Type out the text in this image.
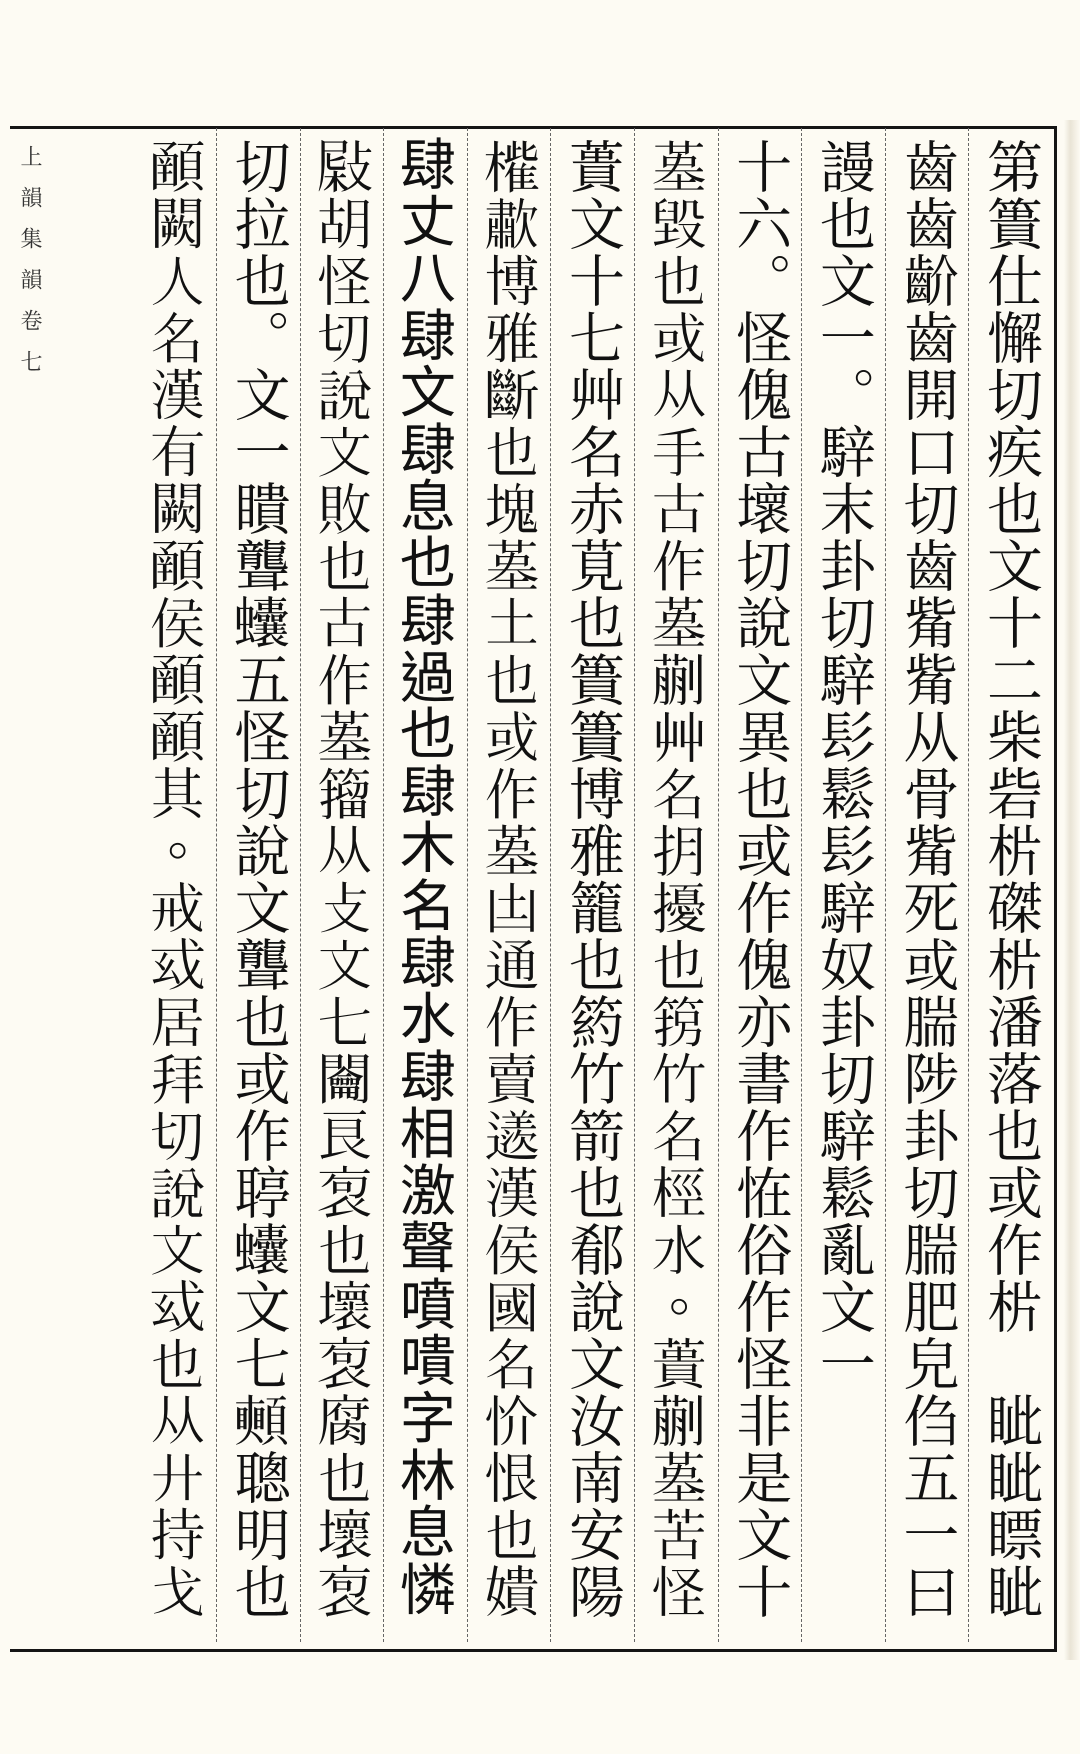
上 韻 集 韻 卷 七	第簣仕懈切疾也文十二柴砦㭊磔㭊潘落也或作㭊　眦眦瞟眦
齒齒齘齒開口切齒觜觜从骨觜死或腨陟卦切腨肥皃㑇五一曰
謾也文一。騂末卦切騂髟鬆髟騂奴卦切騂鬆亂文一
十六。怪傀古壞切說文異也或作傀亦書作恠俗作怪非是文十
𡎸毀也或从手古作𡎸蒯艸名抈擾也箉竹名桱水。蕢蒯𡎸苦怪
蕢文十七艸名赤莧也簣簣博雅籠也箹竹箭也郩說文汝南安陽
𣜁歗博雅斷也塊𡎸土也或作𡎸凷通作賣䢭漢侯國名忦恨也嬇
𨽸丈八𨽸文𨽸息也𨽸過也𨽸木名𨽸水𨽸相激聲噴嘳字林息憐
𢾂胡怪切說文敗也古作𡎸籀从攴文七𨷲良𧙎也壞𧙎腐也壞𧙎
切拉也。文一瞶聾𧖒五怪切說文聾也或作聤𧖒文七𩕦聰明也
𩔞闕人名漢有闕𩔞侯𩔞𩔞其。戒𢦙居拜切說文𢦙也从廾持戈
